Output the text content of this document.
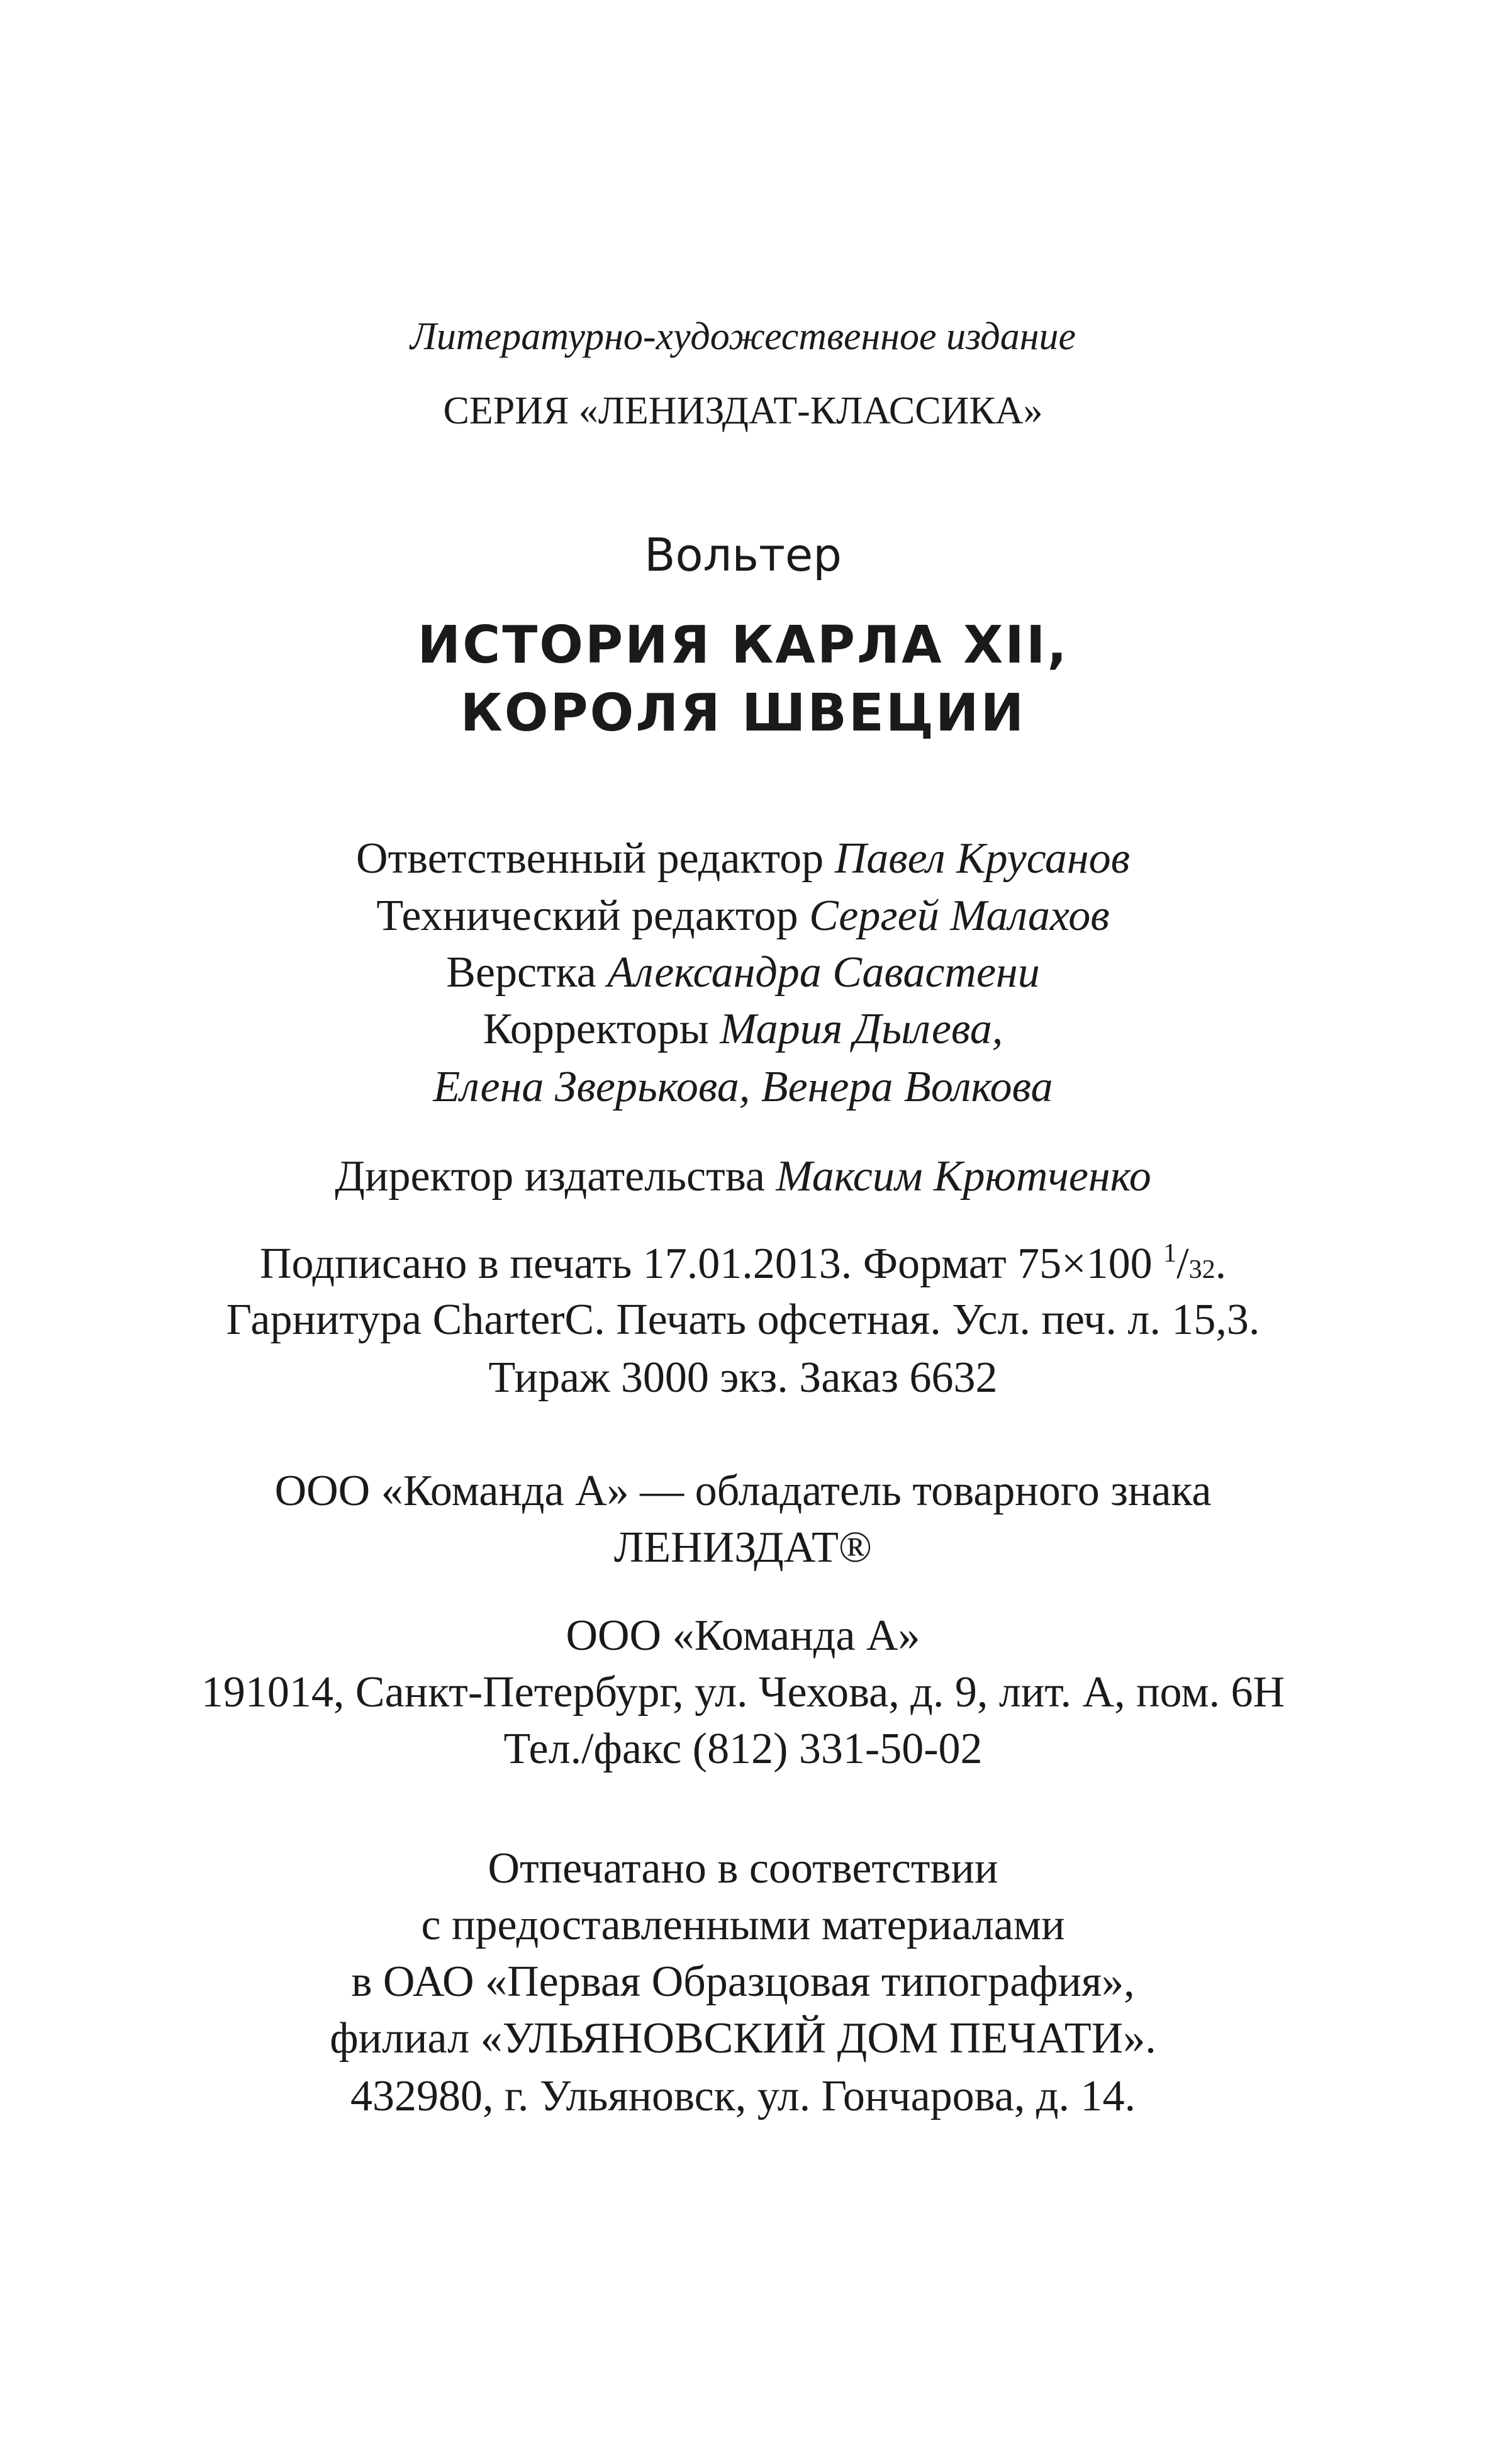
Литературно-художественное издание
СЕРИЯ «ЛЕНИЗДАТ-КЛАССИКА»
Вольтер
ИСТОРИЯ КАРЛА XII,
КОРОЛЯ ШВЕЦИИ
Ответственный редактор Павел Крусанов
Технический редактор Сергей Малахов
Верстка Александра Савастени
Корректоры Мария Дылева,
Елена Зверькова, Венера Волкова
Директор издательства Максим Крютченко
Подписано в печать 17.01.2013. Формат 75×100 $^1$/32.
Гарнитура CharterC. Печать офсетная. Усл. печ. л. 15,3.
Тираж 3000 экз. Заказ 6632
ООО «Команда А» — обладатель товарного знака
ЛЕНИЗДАТ®
ООО «Команда А»
191014, Санкт-Петербург, ул. Чехова, д. 9, лит. А, пом. 6Н
Тел./факс (812) 331-50-02
Отпечатано в соответствии
с предоставленными материалами
в ОАО «Первая Образцовая типография»,
филиал «УЛЬЯНОВСКИЙ ДОМ ПЕЧАТИ».
432980, г. Ульяновск, ул. Гончарова, д. 14.
